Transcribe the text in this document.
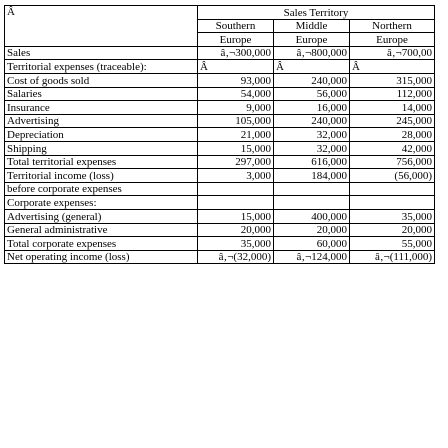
Â	Sales Territory		
	Southern	Middle	Northern
	Europe	Europe	Europe
Sales	â‚¬300,000	â‚¬800,000	â‚¬700,00
Territorial expenses (traceable):	Â	Â	Â
Cost of goods sold	93,000	240,000	315,000
Salaries	54,000	56,000	112,000
Insurance	9,000	16,000	14,000
Advertising	105,000	240,000	245,000
Depreciation	21,000	32,000	28,000
Shipping	15,000	32,000	42,000
Total territorial expenses	297,000	616,000	756,000
Territorial income (loss)	3,000	184,000	(56,000)
before corporate expenses			
Corporate expenses:			
Advertising (general)	15,000	400,000	35,000
General administrative	20,000	20,000	20,000
Total corporate expenses	35,000	60,000	55,000
Net operating income (loss)	â‚¬(32,000)	â‚¬124,000	â‚¬(111,000)
